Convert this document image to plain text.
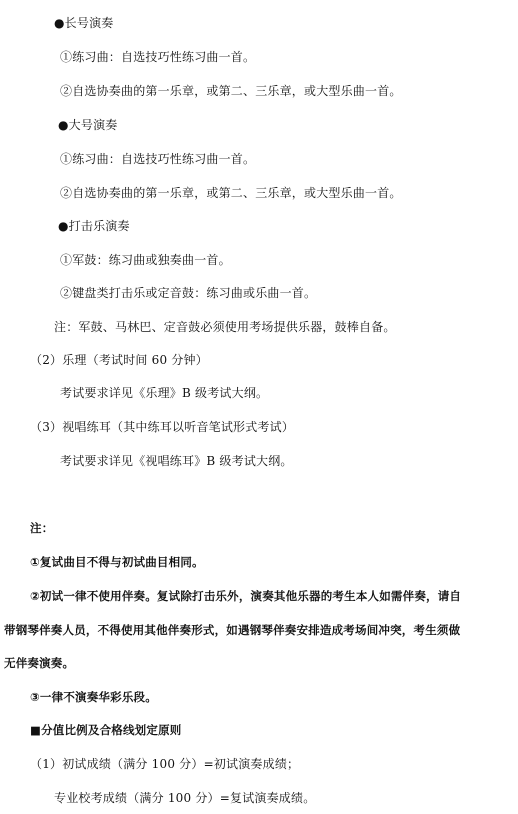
●长号演奏
①练习曲：自选技巧性练习曲一首。
②自选协奏曲的第一乐章，或第二、三乐章，或大型乐曲一首。
●大号演奏
①练习曲：自选技巧性练习曲一首。
②自选协奏曲的第一乐章，或第二、三乐章，或大型乐曲一首。
●打击乐演奏
①军鼓：练习曲或独奏曲一首。
②键盘类打击乐或定音鼓：练习曲或乐曲一首。
注：军鼓、马林巴、定音鼓必须使用考场提供乐器，鼓棒自备。
（2）乐理（考试时间 60 分钟）
考试要求详见《乐理》B 级考试大纲。
（3）视唱练耳（其中练耳以听音笔试形式考试）
考试要求详见《视唱练耳》B 级考试大纲。
注：
①复试曲目不得与初试曲目相同。
②初试一律不使用伴奏。复试除打击乐外，演奏其他乐器的考生本人如需伴奏，请自
带钢琴伴奏人员，不得使用其他伴奏形式，如遇钢琴伴奏安排造成考场间冲突，考生须做
无伴奏演奏。
③一律不演奏华彩乐段。
■分值比例及合格线划定原则
（1）初试成绩（满分 100 分）=初试演奏成绩；
专业校考成绩（满分 100 分）=复试演奏成绩。
